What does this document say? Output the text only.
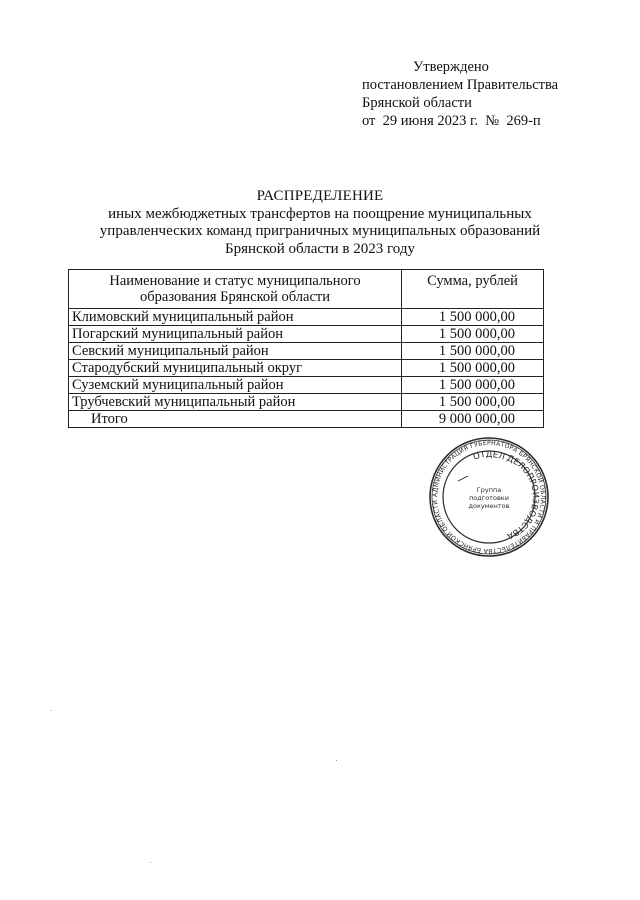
Утверждено
постановлением Правительства
Брянской области
от  29 июня 2023 г.  №  269-п
РАСПРЕДЕЛЕНИЕ
иных межбюджетных трансфертов на поощрение муниципальных
управленческих команд приграничных муниципальных образований
Брянской области в 2023 году
Наименование и статус муниципального
образования Брянской области	Сумма, рублей
Климовский муниципальный район	1 500 000,00
Погарский муниципальный район	1 500 000,00
Севский муниципальный район	1 500 000,00
Стародубский муниципальный округ	1 500 000,00
Суземский муниципальный район	1 500 000,00
Трубчевский муниципальный район	1 500 000,00
Итого	9 000 000,00
АДМИНИСТРАЦИЯ ГУБЕРНАТОРА БРЯНСКОЙ ОБЛАСТИ И ПРАВИТЕЛЬСТВА БРЯНСКОЙ ОБЛАСТИ
ОТДЕЛ ДЕЛОПРОИЗВОДСТВА
Группа
подготовки
документов
